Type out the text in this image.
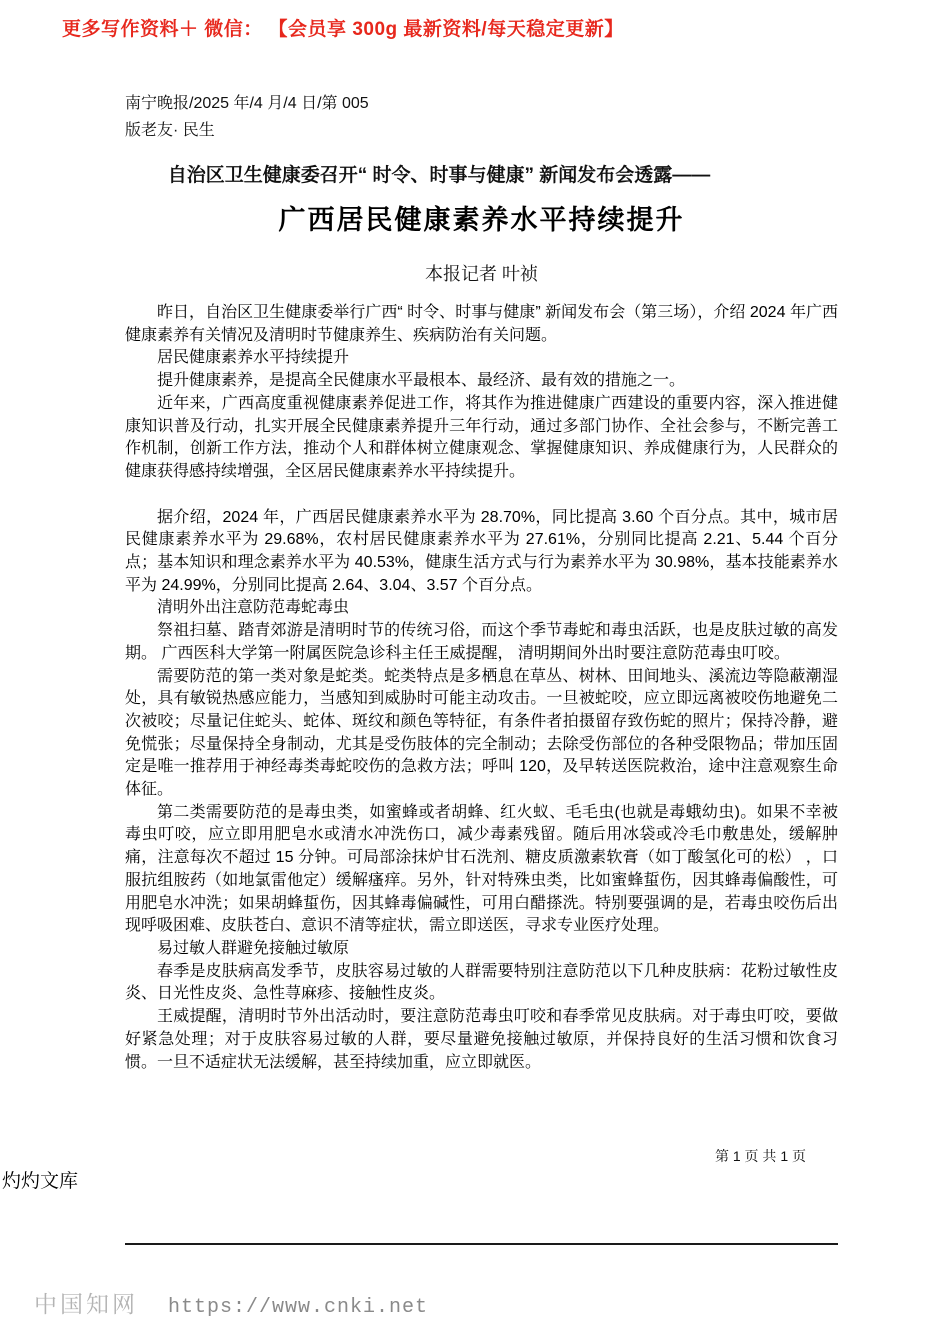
更多写作资料＋ 微信： 【会员享 300g 最新资料/每天稳定更新】
南宁晚报/2025 年/4 月/4 日/第 005
版老友· 民生
自治区卫生健康委召开“ 时令、时事与健康” 新闻发布会透露——
广西居民健康素养水平持续提升
本报记者 叶祯

昨日，自治区卫生健康委举行广西“ 时令、时事与健康” 新闻发布会（第三场），介绍 2024 年广西健康素养有关情况及清明时节健康养生、疾病防治有关问题。

居民健康素养水平持续提升

提升健康素养，是提高全民健康水平最根本、最经济、最有效的措施之一。

近年来，广西高度重视健康素养促进工作，将其作为推进健康广西建设的重要内容，深入推进健康知识普及行动，扎实开展全民健康素养提升三年行动，通过多部门协作、全社会参与，不断完善工作机制，创新工作方法，推动个人和群体树立健康观念、掌握健康知识、养成健康行为，人民群众的健康获得感持续增强，全区居民健康素养水平持续提升。

据介绍，2024 年，广西居民健康素养水平为 28.70%，同比提高 3.60 个百分点。其中，城市居民健康素养水平为 29.68%，农村居民健康素养水平为 27.61%，分别同比提高 2.21、5.44 个百分点；基本知识和理念素养水平为 40.53%，健康生活方式与行为素养水平为 30.98%，基本技能素养水平为 24.99%，分别同比提高 2.64、3.04、3.57 个百分点。

清明外出注意防范毒蛇毒虫

祭祖扫墓、踏青郊游是清明时节的传统习俗，而这个季节毒蛇和毒虫活跃，也是皮肤过敏的高发期。 广西医科大学第一附属医院急诊科主任王威提醒， 清明期间外出时要注意防范毒虫叮咬。

需要防范的第一类对象是蛇类。蛇类特点是多栖息在草丛、树林、田间地头、溪流边等隐蔽潮湿处，具有敏锐热感应能力，当感知到威胁时可能主动攻击。一旦被蛇咬，应立即远离被咬伤地避免二次被咬；尽量记住蛇头、蛇体、斑纹和颜色等特征，有条件者拍摄留存致伤蛇的照片；保持冷静，避免慌张；尽量保持全身制动，尤其是受伤肢体的完全制动；去除受伤部位的各种受限物品；带加压固定是唯一推荐用于神经毒类毒蛇咬伤的急救方法；呼叫 120，及早转送医院救治，途中注意观察生命体征。

第二类需要防范的是毒虫类，如蜜蜂或者胡蜂、红火蚁、毛毛虫(也就是毒蛾幼虫)。如果不幸被毒虫叮咬，应立即用肥皂水或清水冲洗伤口，减少毒素残留。随后用冰袋或冷毛巾敷患处，缓解肿痛，注意每次不超过 15 分钟。可局部涂抹炉甘石洗剂、糖皮质激素软膏（如丁酸氢化可的松） ，口服抗组胺药（如地氯雷他定）缓解瘙痒。另外，针对特殊虫类，比如蜜蜂蜇伤，因其蜂毒偏酸性，可用肥皂水冲洗；如果胡蜂蜇伤，因其蜂毒偏碱性，可用白醋搽洗。特别要强调的是，若毒虫咬伤后出现呼吸困难、皮肤苍白、意识不清等症状，需立即送医，寻求专业医疗处理。

易过敏人群避免接触过敏原

春季是皮肤病高发季节，皮肤容易过敏的人群需要特别注意防范以下几种皮肤病：花粉过敏性皮炎、日光性皮炎、急性荨麻疹、接触性皮炎。

王威提醒，清明时节外出活动时，要注意防范毒虫叮咬和春季常见皮肤病。对于毒虫叮咬，要做好紧急处理；对于皮肤容易过敏的人群，要尽量避免接触过敏原，并保持良好的生活习惯和饮食习惯。一旦不适症状无法缓解，甚至持续加重，应立即就医。

第 1 页 共 1 页
灼灼文库
中国知网 https://www.cnki.net
